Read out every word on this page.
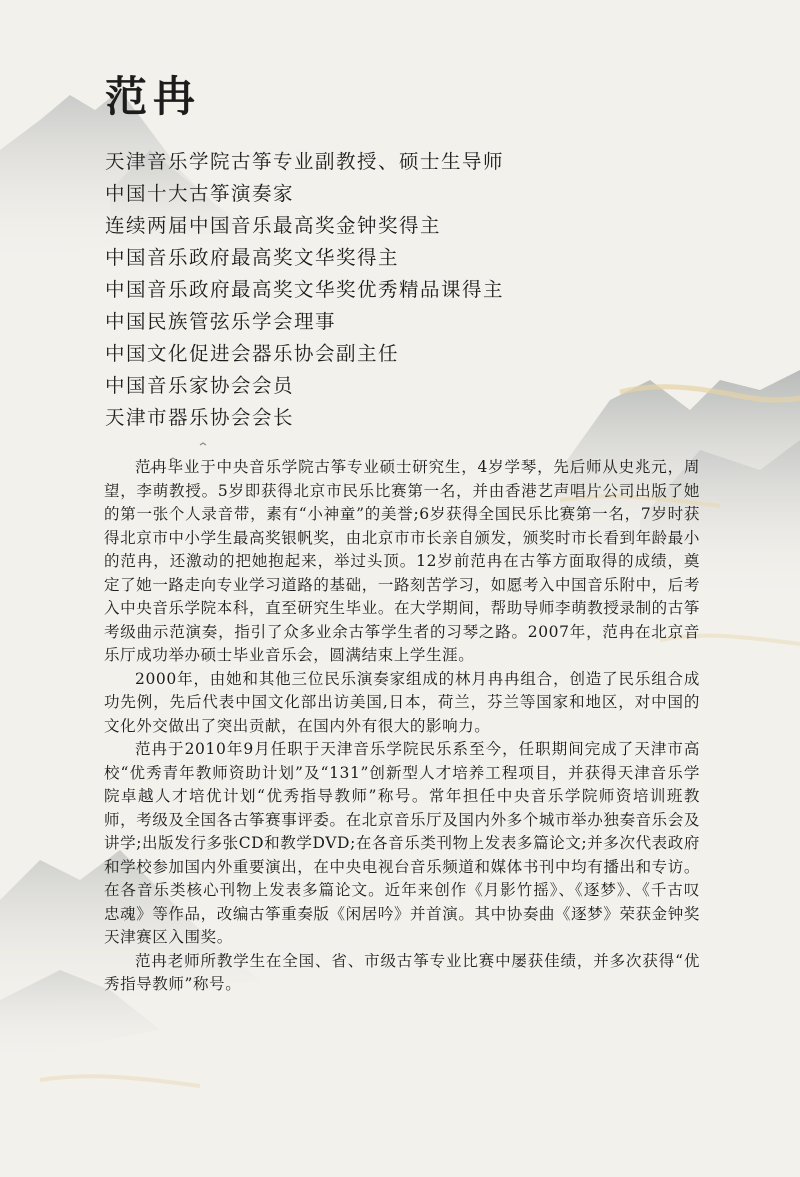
范冉
天津音乐学院古筝专业副教授、硕士生导师
中国十大古筝演奏家
连续两届中国音乐最高奖金钟奖得主
中国音乐政府最高奖文华奖得主
中国音乐政府最高奖文华奖优秀精品课得主
中国民族管弦乐学会理事
中国文化促进会器乐协会副主任
中国音乐家协会会员
天津市器乐协会会长

范冉毕业于中央音乐学院古筝专业硕士研究生，4岁学琴，先后师从史兆元，周望，李萌教授。5岁即获得北京市民乐比赛第一名，并由香港艺声唱片公司出版了她的第一张个人录音带，素有“小神童”的美誉;6岁获得全国民乐比赛第一名，7岁时获得北京市中小学生最高奖银帆奖，由北京市市长亲自颁发，颁奖时市长看到年龄最小的范冉，还激动的把她抱起来，举过头顶。12岁前范冉在古筝方面取得的成绩，奠定了她一路走向专业学习道路的基础，一路刻苦学习，如愿考入中国音乐附中，后考入中央音乐学院本科，直至研究生毕业。在大学期间，帮助导师李萌教授录制的古筝考级曲示范演奏，指引了众多业余古筝学生者的习琴之路。2007年，范冉在北京音乐厅成功举办硕士毕业音乐会，圆满结束上学生涯。

2000年，由她和其他三位民乐演奏家组成的林月冉冉组合，创造了民乐组合成功先例，先后代表中国文化部出访美国,日本，荷兰，芬兰等国家和地区，对中国的文化外交做出了突出贡献，在国内外有很大的影响力。

范冉于2010年9月任职于天津音乐学院民乐系至今，任职期间完成了天津市高校“优秀青年教师资助计划”及“131”创新型人才培养工程项目，并获得天津音乐学院卓越人才培优计划“优秀指导教师”称号。常年担任中央音乐学院师资培训班教师，考级及全国各古筝赛事评委。在北京音乐厅及国内外多个城市举办独奏音乐会及讲学;出版发行多张CD和教学DVD;在各音乐类刊物上发表多篇论文;并多次代表政府和学校参加国内外重要演出，在中央电视台音乐频道和媒体书刊中均有播出和专访。在各音乐类核心刊物上发表多篇论文。近年来创作《月影竹摇》、《逐梦》、《千古叹忠魂》等作品，改编古筝重奏版《闲居吟》并首演。其中协奏曲《逐梦》荣获金钟奖天津赛区入围奖。

范冉老师所教学生在全国、省、市级古筝专业比赛中屡获佳绩，并多次获得“优秀指导教师”称号。
